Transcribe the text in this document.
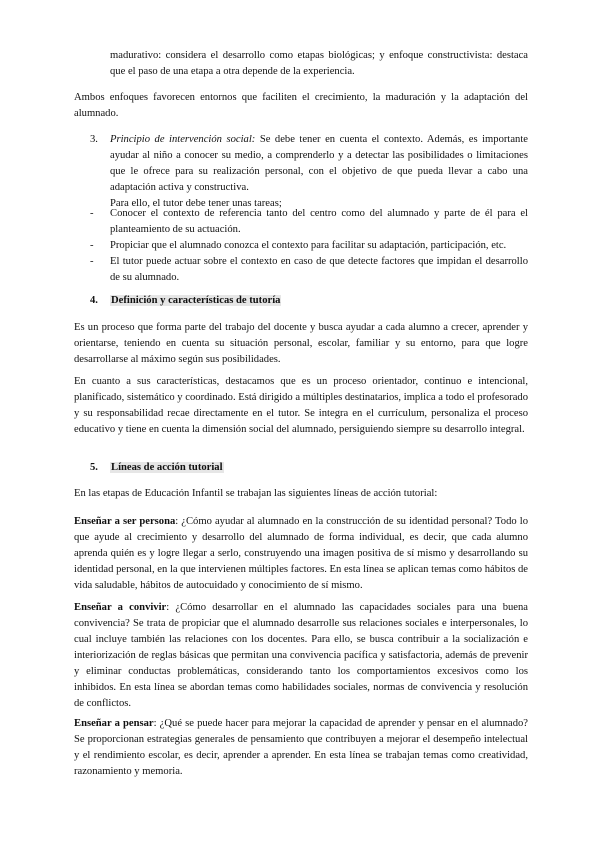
madurativo: considera el desarrollo como etapas biológicas; y enfoque constructivista: destaca que el paso de una etapa a otra depende de la experiencia.

Ambos enfoques favorecen entornos que faciliten el crecimiento, la maduración y la adaptación del alumnado.

3. Principio de intervención social: Se debe tener en cuenta el contexto. Además, es importante ayudar al niño a conocer su medio, a comprenderlo y a detectar las posibilidades o limitaciones que le ofrece para su realización personal, con el objetivo de que pueda llevar a cabo una adaptación activa y constructiva.
Para ello, el tutor debe tener unas tareas;
- Conocer el contexto de referencia tanto del centro como del alumnado y parte de él para el planteamiento de su actuación.
- Propiciar que el alumnado conozca el contexto para facilitar su adaptación, participación, etc.
- El tutor puede actuar sobre el contexto en caso de que detecte factores que impidan el desarrollo de su alumnado.
4. Definición y características de tutoría

Es un proceso que forma parte del trabajo del docente y busca ayudar a cada alumno a crecer, aprender y orientarse, teniendo en cuenta su situación personal, escolar, familiar y su entorno, para que logre desarrollarse al máximo según sus posibilidades.

En cuanto a sus características, destacamos que es un proceso orientador, continuo e intencional, planificado, sistemático y coordinado. Está dirigido a múltiples destinatarios, implica a todo el profesorado y su responsabilidad recae directamente en el tutor. Se integra en el currículum, personaliza el proceso educativo y tiene en cuenta la dimensión social del alumnado, persiguiendo siempre su desarrollo integral.

5. Líneas de acción tutorial

En las etapas de Educación Infantil se trabajan las siguientes líneas de acción tutorial:

Enseñar a ser persona: ¿Cómo ayudar al alumnado en la construcción de su identidad personal? Todo lo que ayude al crecimiento y desarrollo del alumnado de forma individual, es decir, que cada alumno aprenda quién es y logre llegar a serlo, construyendo una imagen positiva de sí mismo y desarrollando su identidad personal, en la que intervienen múltiples factores. En esta línea se aplican temas como hábitos de vida saludable, hábitos de autocuidado y conocimiento de sí mismo.

Enseñar a convivir: ¿Cómo desarrollar en el alumnado las capacidades sociales para una buena convivencia? Se trata de propiciar que el alumnado desarrolle sus relaciones sociales e interpersonales, lo cual incluye también las relaciones con los docentes. Para ello, se busca contribuir a la socialización e interiorización de reglas básicas que permitan una convivencia pacífica y satisfactoria, además de prevenir y eliminar conductas problemáticas, considerando tanto los comportamientos excesivos como los inhibidos. En esta línea se abordan temas como habilidades sociales, normas de convivencia y resolución de conflictos.

Enseñar a pensar: ¿Qué se puede hacer para mejorar la capacidad de aprender y pensar en el alumnado? Se proporcionan estrategias generales de pensamiento que contribuyen a mejorar el desempeño intelectual y el rendimiento escolar, es decir, aprender a aprender. En esta línea se trabajan temas como creatividad, razonamiento y memoria.
